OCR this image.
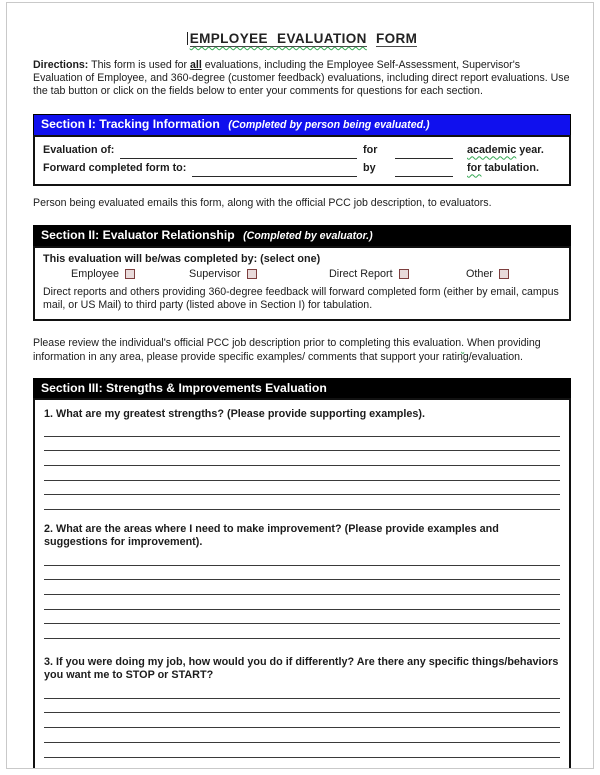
EMPLOYEE EVALUATION FORM

Directions: This form is used for all evaluations, including the Employee Self-Assessment, Supervisor's Evaluation of Employee, and 360-degree (customer feedback) evaluations, including direct report evaluations. Use the tab button or click on the fields below to enter your comments for questions for each section.

Section I: Tracking Information (Completed by person being evaluated.)
Evaluation of:	for	academic year.
Forward completed form to:	by	for tabulation.

Person being evaluated emails this form, along with the official PCC job description, to evaluators.

Section II: Evaluator Relationship (Completed by evaluator.)

This evaluation will be/was completed by: (select one)

Employee	Supervisor	Direct Report	Other

Direct reports and others providing 360-degree feedback will forward completed form (either by email, campus mail, or US Mail) to third party (listed above in Section I) for tabulation.

Please review the individual's official PCC job description prior to completing this evaluation. When providing information in any area, please provide specific examples/ comments that support your rating/evaluation.

Section III: Strengths & Improvements Evaluation

1. What are my greatest strengths? (Please provide supporting examples).

2. What are the areas where I need to make improvement? (Please provide examples and suggestions for improvement).

3. If you were doing my job, how would you do if differently? Are there any specific things/behaviors you want me to STOP or START?
